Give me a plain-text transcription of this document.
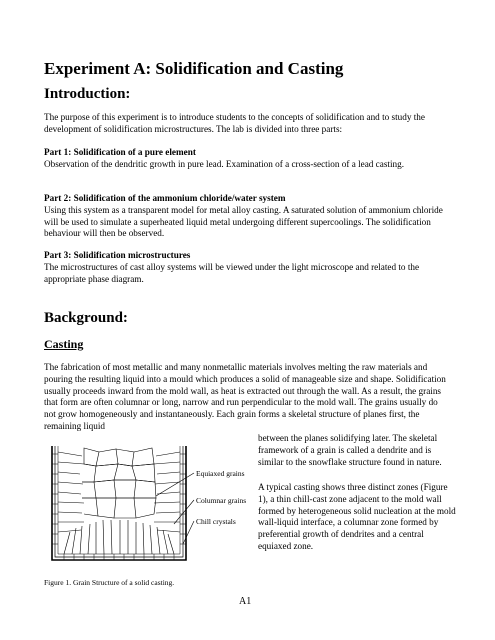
Experiment A: Solidification and Casting
Introduction:

The purpose of this experiment is to introduce students to the concepts of solidification and to study the development of solidification microstructures. The lab is divided into three parts:

Part 1: Solidification of a pure element

Observation of the dendritic growth in pure lead. Examination of a cross-section of a lead casting.

Part 2: Solidification of the ammonium chloride/water system

Using this system as a transparent model for metal alloy casting. A saturated solution of ammonium chloride will be used to simulate a superheated liquid metal undergoing different supercoolings. The solidification behaviour will then be observed.

Part 3: Solidification microstructures

The microstructures of cast alloy systems will be viewed under the light microscope and related to the appropriate phase diagram.

Background:
Casting

The fabrication of most metallic and many nonmetallic materials involves melting the raw materials and pouring the resulting liquid into a mould which produces a solid of manageable size and shape. Solidification usually proceeds inward from the mold wall, as heat is extracted out through the wall. As a result, the grains that form are often columnar or long, narrow and run perpendicular to the mold wall. The grains usually do not grow homogeneously and instantaneously. Each grain forms a skeletal structure of planes first, the remaining liquid

between the planes solidifying later. The skeletal framework of a grain is called a dendrite and is similar to the snowflake structure found in nature.

A typical casting shows three distinct zones (Figure 1), a thin chill-cast zone adjacent to the mold wall formed by heterogeneous solid nucleation at the mold wall-liquid interface, a columnar zone formed by preferential growth of dendrites and a central equiaxed zone.

Equiaxed grains
Columnar grains
Chill crystals

Figure 1. Grain Structure of a solid casting.

A1
